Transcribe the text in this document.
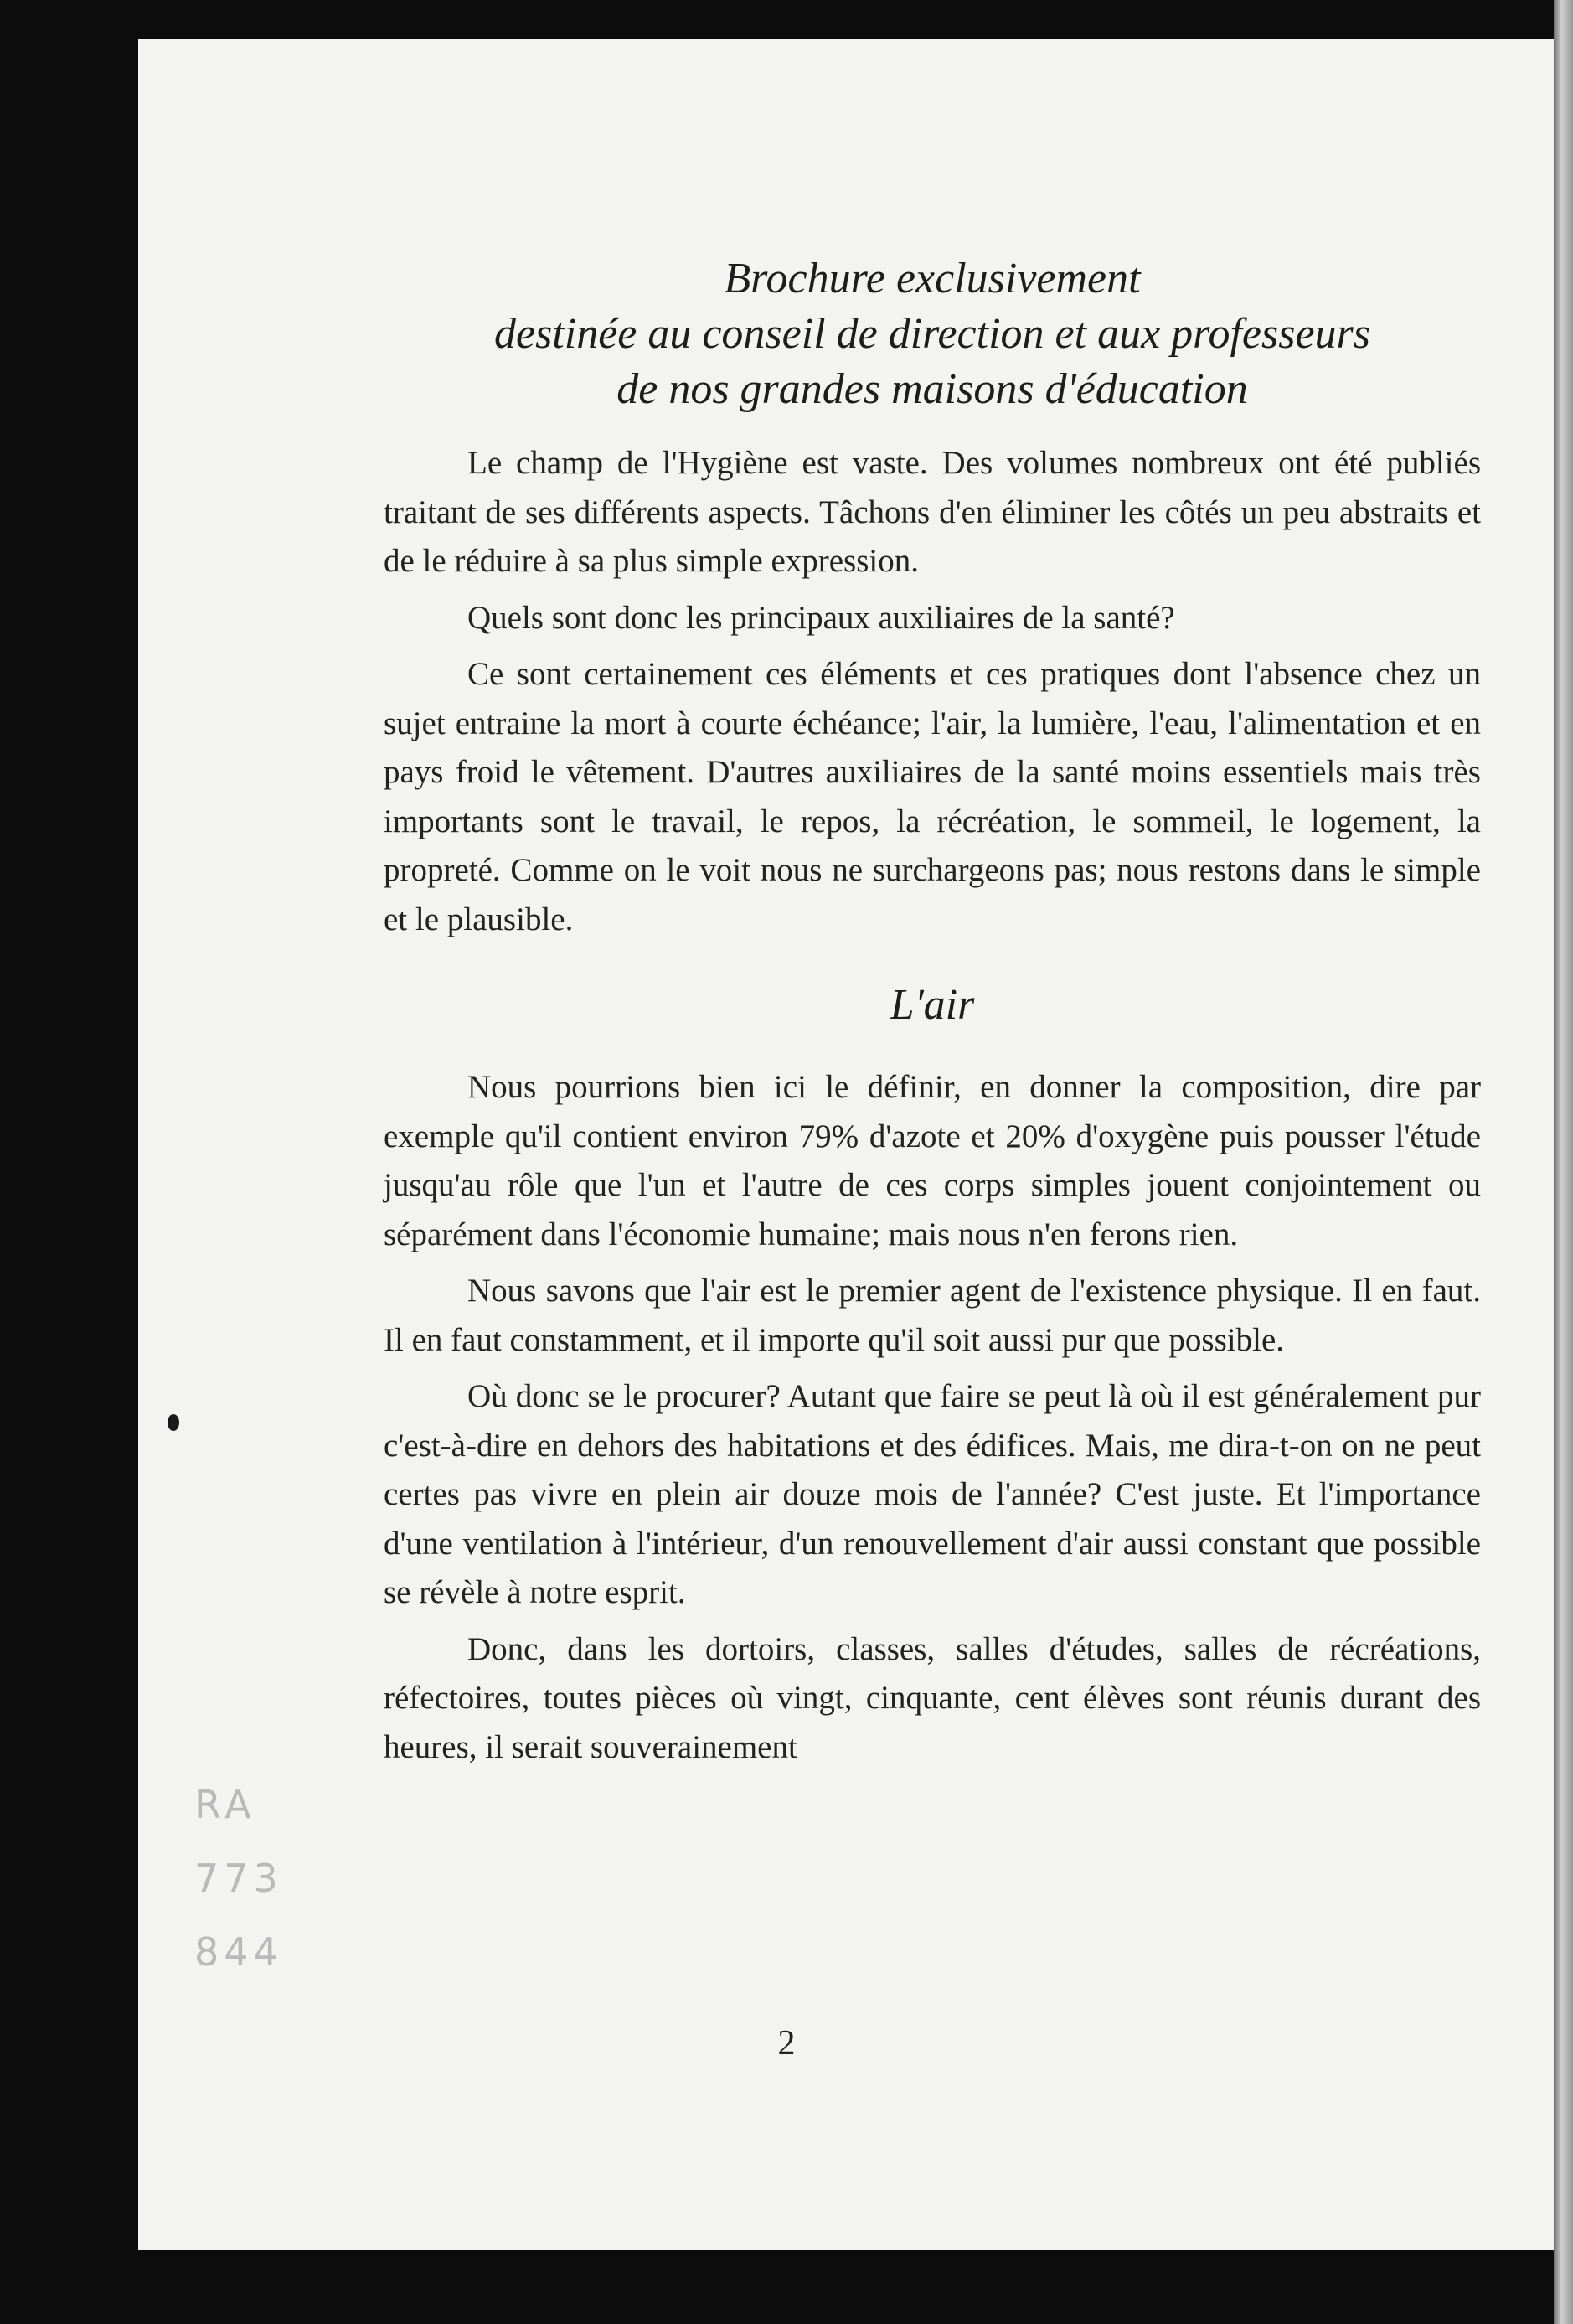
Brochure exclusivement
destinée au conseil de direction et aux professeurs
de nos grandes maisons d'éducation

Le champ de l'Hygiène est vaste. Des volumes nombreux ont été publiés traitant de ses différents aspects. Tâchons d'en éliminer les côtés un peu abstraits et de le réduire à sa plus simple expression.

Quels sont donc les principaux auxiliaires de la santé?

Ce sont certainement ces éléments et ces pratiques dont l'absence chez un sujet entraine la mort à courte échéance; l'air, la lumière, l'eau, l'alimentation et en pays froid le vêtement. D'autres auxiliaires de la santé moins essentiels mais très importants sont le travail, le repos, la récréation, le sommeil, le logement, la propreté. Comme on le voit nous ne surchargeons pas; nous restons dans le simple et le plausible.

L'air

Nous pourrions bien ici le définir, en donner la composition, dire par exemple qu'il contient environ 79% d'azote et 20% d'oxygène puis pousser l'étude jusqu'au rôle que l'un et l'autre de ces corps simples jouent conjointement ou séparément dans l'économie humaine; mais nous n'en ferons rien.

Nous savons que l'air est le premier agent de l'existence physique. Il en faut. Il en faut constamment, et il importe qu'il soit aussi pur que possible.

Où donc se le procurer? Autant que faire se peut là où il est généralement pur c'est-à-dire en dehors des habitations et des édifices. Mais, me dira-t-on on ne peut certes pas vivre en plein air douze mois de l'année? C'est juste. Et l'importance d'une ventilation à l'intérieur, d'un renouvellement d'air aussi constant que possible se révèle à notre esprit.

Donc, dans les dortoirs, classes, salles d'études, salles de récréations, réfectoires, toutes pièces où vingt, cinquante, cent élèves sont réunis durant des heures, il serait souverainement

2
RA
773
844
